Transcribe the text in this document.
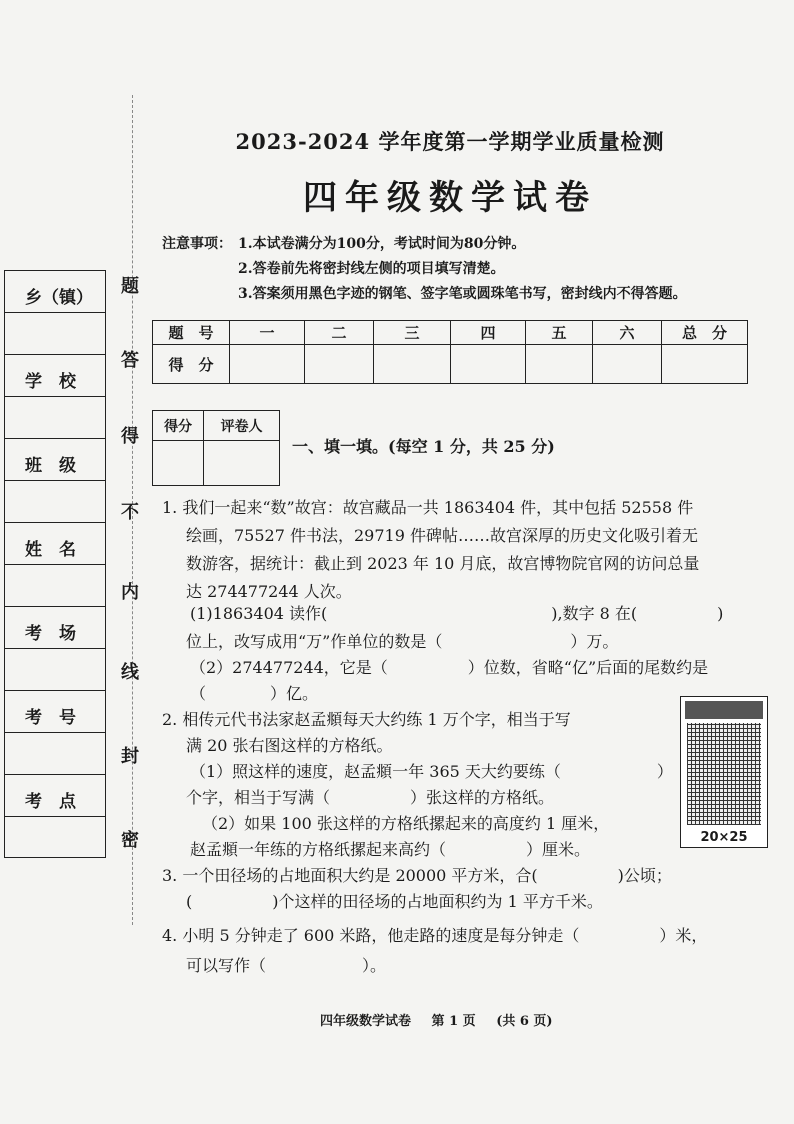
2023-2024 学年度第一学期学业质量检测
四年级数学试卷
注意事项： 1.本试卷满分为100分，考试时间为80分钟。
2.答卷前先将密封线左侧的项目填写清楚。
3.答案须用黑色字迹的钢笔、签字笔或圆珠笔书写，密封线内不得答题。
乡（镇）
学　校
班　级
姓　名
考　场
考　号
考　点
题
答
得
不
内
线
封
密
题　号	一	二	三	四	五	六	总　分
得　分							
得分	评卷人

一、填一填。(每空 1 分，共 25 分)
1. 我们一起来“数”故宫：故宫藏品一共 1863404 件，其中包括 52558 件
绘画，75527 件书法，29719 件碑帖……故宫深厚的历史文化吸引着无
数游客，据统计：截止到 2023 年 10 月底，故宫博物院官网的访问总量
达 274477244 人次。
(1)1863404 读作(　　　　　　　　　　　　　　),数字 8 在(　　　　　)
位上，改写成用“万”作单位的数是（　　　　　　　　）万。
（2）274477244，它是（　　　　　）位数，省略“亿”后面的尾数约是
（　　　　）亿。
2. 相传元代书法家赵孟頫每天大约练 1 万个字，相当于写
满 20 张右图这样的方格纸。
（1）照这样的速度，赵孟頫一年 365 天大约要练（　　　　　　）
个字，相当于写满（　　　　　）张这样的方格纸。
（2）如果 100 张这样的方格纸摞起来的高度约 1 厘米，
赵孟頫一年练的方格纸摞起来高约（　　　　　）厘米。
20×25
3. 一个田径场的占地面积大约是 20000 平方米，合(　　　　　)公顷；
(　　　　　)个这样的田径场的占地面积约为 1 平方千米。
4. 小明 5 分钟走了 600 米路，他走路的速度是每分钟走（　　　　　）米，
可以写作（　　　　　　）。
四年级数学试卷 第 1 页 (共 6 页)
